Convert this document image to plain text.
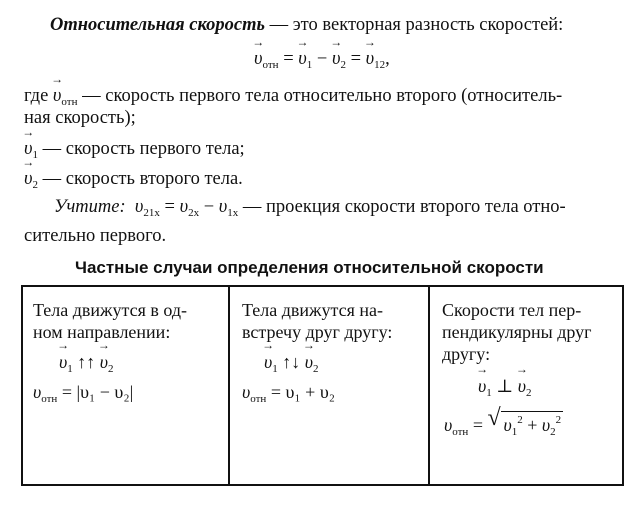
Относительная скорость — это векторная разность скоростей:
→ $\upsilon_{отн}$ = → $\upsilon_1$ − → $\upsilon_2$ = → $\upsilon_{12}$,
где → $\upsilon_{отн}$ — скорость первого тела относительно второго (относитель-
ная скорость);
→ $\upsilon_1$ — скорость первого тела;
→ $\upsilon_2$ — скорость второго тела.
Учтите: $\upsilon_{21x} = \upsilon_{2x} - \upsilon_{1x}$ — проекция скорости второго тела отно-
сительно первого.
Частные случаи определения относительной скорости
Тела движутся в од-
ном направлении:
→ $\upsilon_1$ ↑↑ → $\upsilon_2$
$\upsilon_{отн} = |\upsilon_1 - \upsilon_2|$
Тела движутся на-
встречу друг другу:
→ $\upsilon_1$ ↑↓ → $\upsilon_2$
$\upsilon_{отн} = \upsilon_1 + \upsilon_2$
Скорости тел пер-
пендикулярны друг
другу:
→ $\upsilon_1$ ⊥ → $\upsilon_2$
$\upsilon_{отн}$ = √ $\upsilon_1^2 + \upsilon_2^2$
